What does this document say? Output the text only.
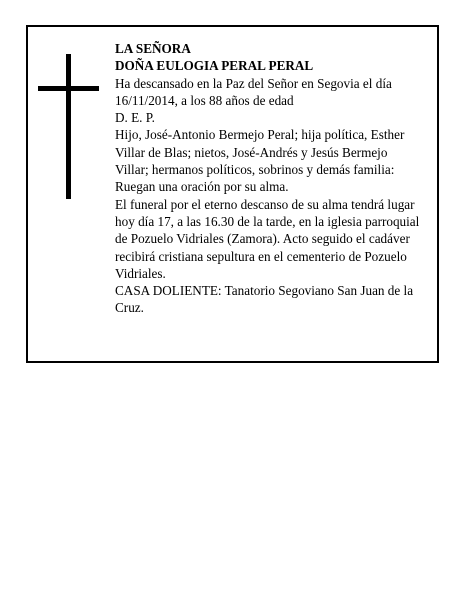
LA SEÑORA

DOÑA EULOGIA PERAL PERAL

Ha descansado en la Paz del Señor en Segovia el día 16/11/2014, a los 88 años de edad

D. E. P.

Hijo, José-Antonio Bermejo Peral; hija política, Esther Villar de Blas; nietos, José-Andrés y Jesús Bermejo Villar; hermanos políticos, sobrinos y demás familia:

Ruegan una oración por su alma.

El funeral por el eterno descanso de su alma tendrá lugar hoy día 17, a las 16.30 de la tarde, en la iglesia parroquial de Pozuelo Vidriales (Zamora). Acto seguido el cadáver recibirá cristiana sepultura en el cementerio de Pozuelo Vidriales.

CASA DOLIENTE: Tanatorio Segoviano San Juan de la Cruz.
